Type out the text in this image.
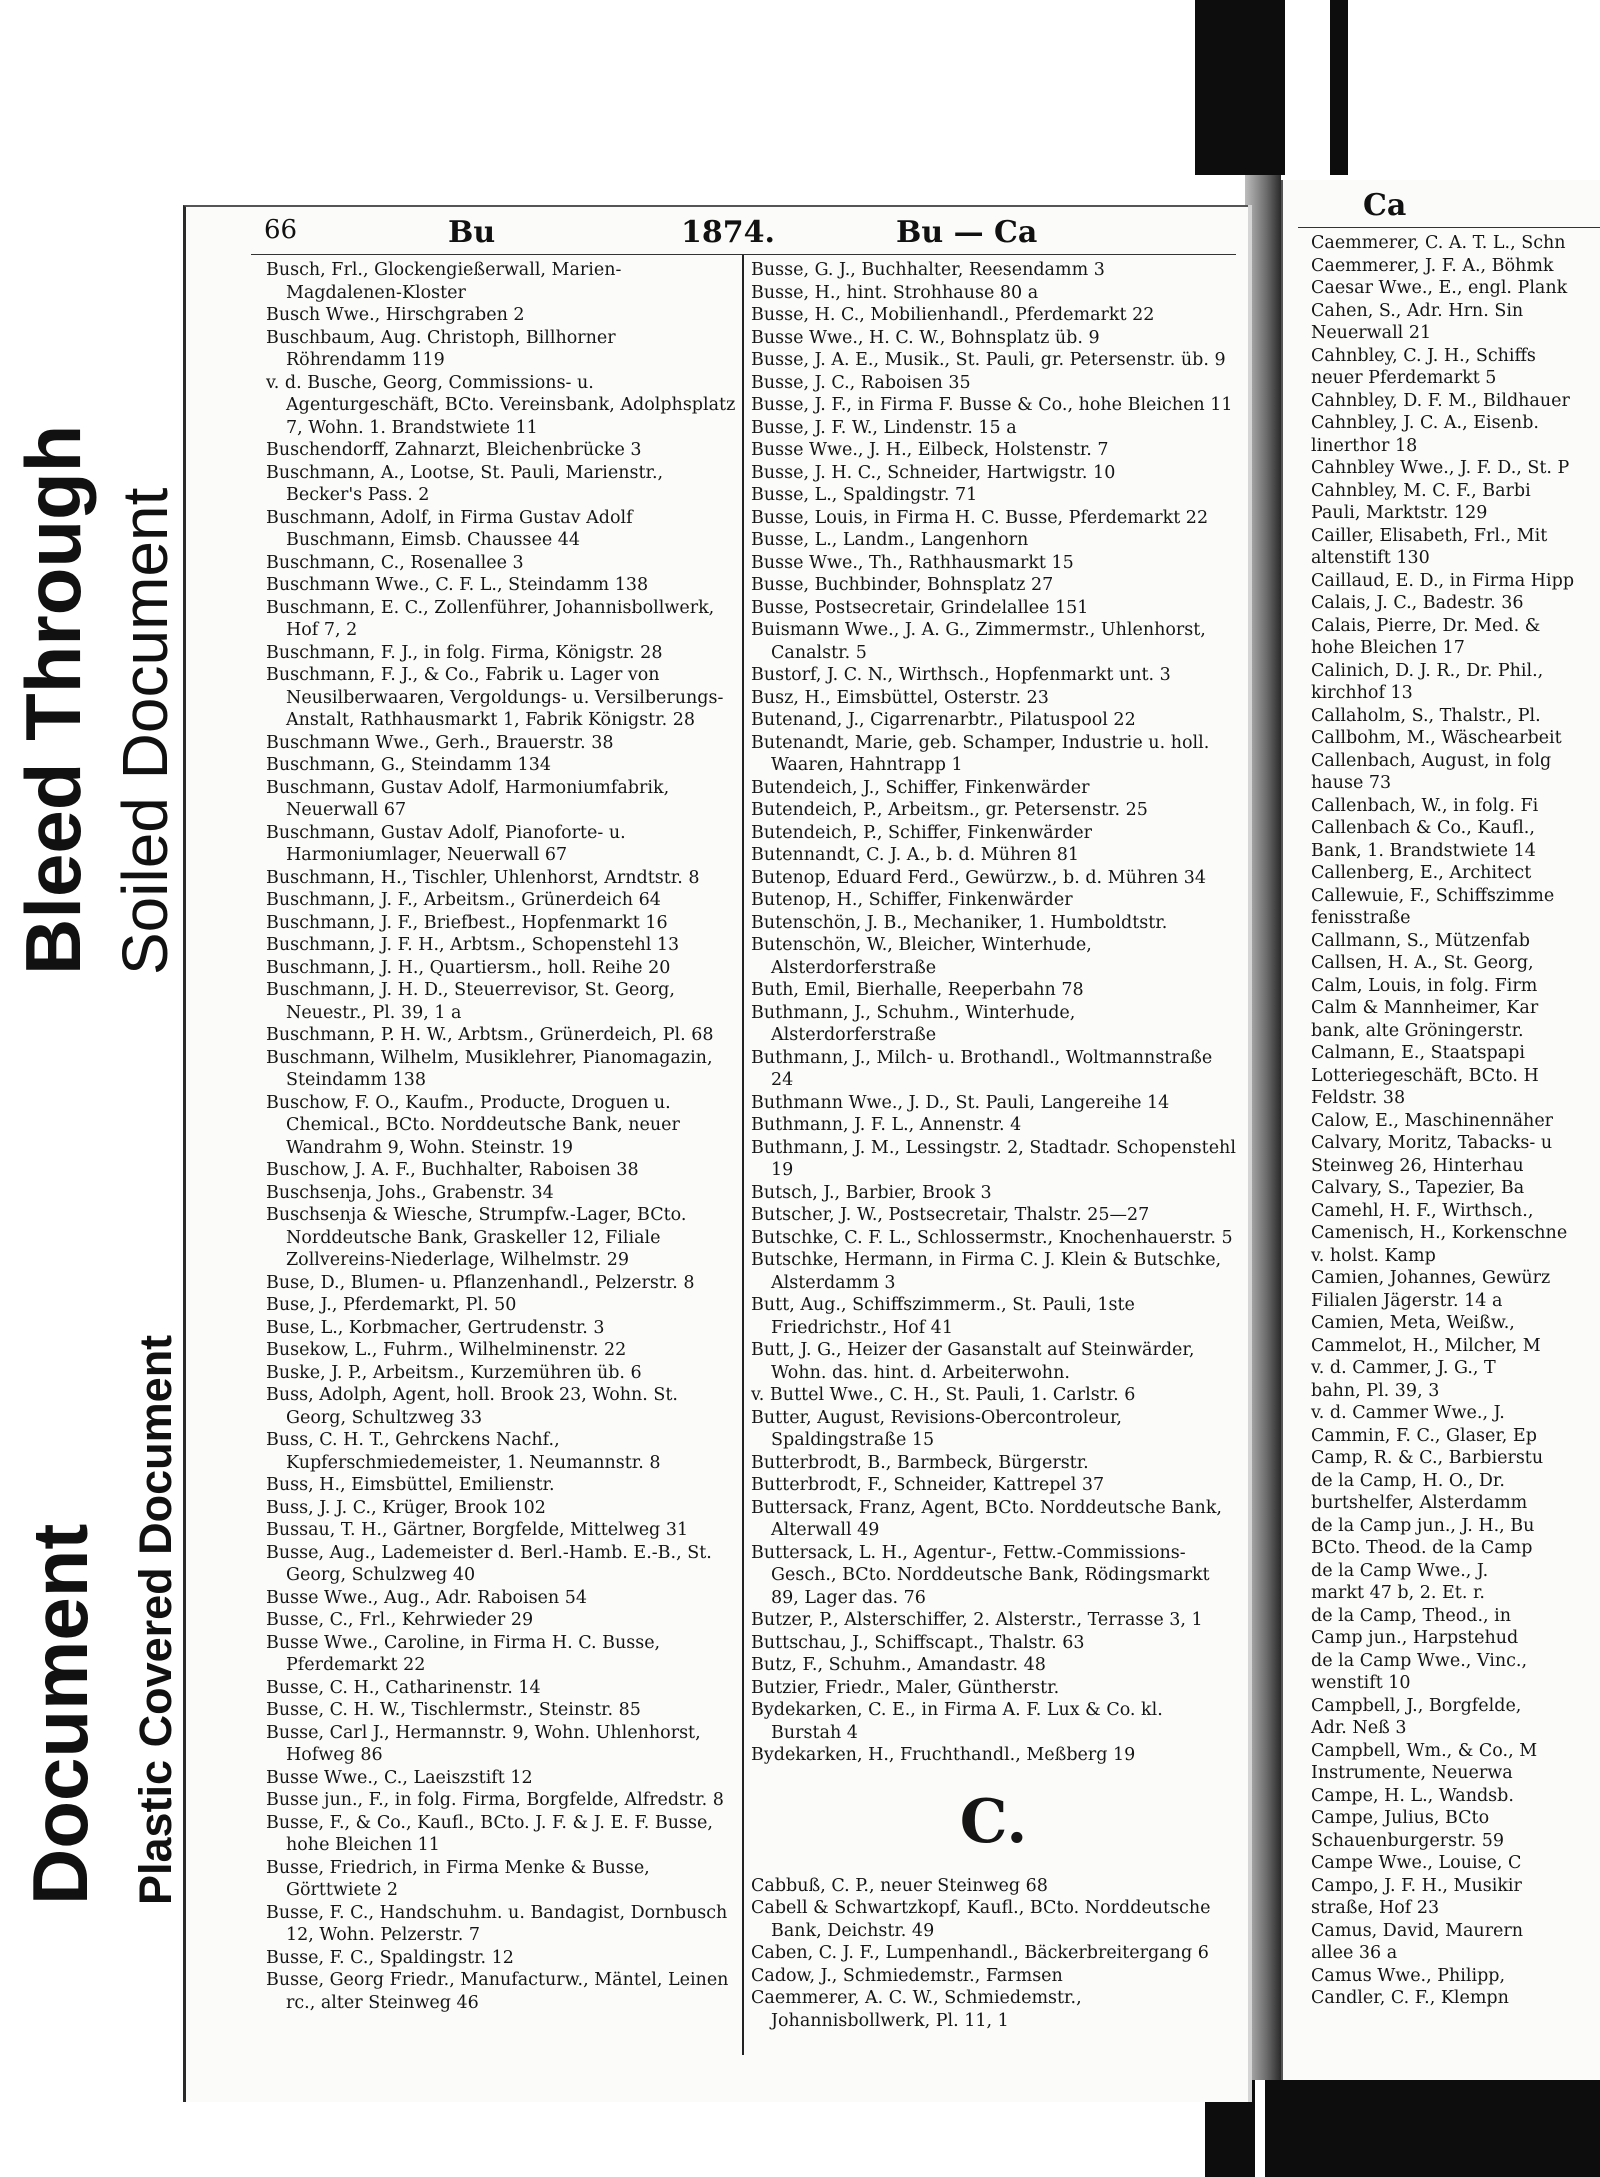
Bleed Through Soiled Document
Document Plastic Covered Document
66	Bu	1874.	Bu — Ca

Busch, Frl., Glockengießerwall, Marien-Magdalenen-Kloster

Busch Wwe., Hirschgraben 2

Buschbaum, Aug. Christoph, Billhorner Röhrendamm 119

v. d. Busche, Georg, Commissions- u. Agenturgeschäft, BCto. Vereinsbank, Adolphsplatz 7, Wohn. 1. Brandstwiete 11

Buschendorff, Zahnarzt, Bleichenbrücke 3

Buschmann, A., Lootse, St. Pauli, Marienstr., Becker's Pass. 2

Buschmann, Adolf, in Firma Gustav Adolf Buschmann, Eimsb. Chaussee 44

Buschmann, C., Rosenallee 3

Buschmann Wwe., C. F. L., Steindamm 138

Buschmann, E. C., Zollenführer, Johannisbollwerk, Hof 7, 2

Buschmann, F. J., in folg. Firma, Königstr. 28

Buschmann, F. J., & Co., Fabrik u. Lager von Neusilberwaaren, Vergoldungs- u. Versilberungs-Anstalt, Rathhausmarkt 1, Fabrik Königstr. 28

Buschmann Wwe., Gerh., Brauerstr. 38

Buschmann, G., Steindamm 134

Buschmann, Gustav Adolf, Harmoniumfabrik, Neuerwall 67

Buschmann, Gustav Adolf, Pianoforte- u. Harmoniumlager, Neuerwall 67

Buschmann, H., Tischler, Uhlenhorst, Arndtstr. 8

Buschmann, J. F., Arbeitsm., Grünerdeich 64

Buschmann, J. F., Briefbest., Hopfenmarkt 16

Buschmann, J. F. H., Arbtsm., Schopenstehl 13

Buschmann, J. H., Quartiersm., holl. Reihe 20

Buschmann, J. H. D., Steuerrevisor, St. Georg, Neuestr., Pl. 39, 1 a

Buschmann, P. H. W., Arbtsm., Grünerdeich, Pl. 68

Buschmann, Wilhelm, Musiklehrer, Pianomagazin, Steindamm 138

Buschow, F. O., Kaufm., Producte, Droguen u. Chemical., BCto. Norddeutsche Bank, neuer Wandrahm 9, Wohn. Steinstr. 19

Buschow, J. A. F., Buchhalter, Raboisen 38

Buschsenja, Johs., Grabenstr. 34

Buschsenja & Wiesche, Strumpfw.-Lager, BCto. Norddeutsche Bank, Graskeller 12, Filiale Zollvereins-Niederlage, Wilhelmstr. 29

Buse, D., Blumen- u. Pflanzenhandl., Pelzerstr. 8

Buse, J., Pferdemarkt, Pl. 50

Buse, L., Korbmacher, Gertrudenstr. 3

Busekow, L., Fuhrm., Wilhelminenstr. 22

Buske, J. P., Arbeitsm., Kurzemühren üb. 6

Buss, Adolph, Agent, holl. Brook 23, Wohn. St. Georg, Schultzweg 33

Buss, C. H. T., Gehrckens Nachf., Kupferschmiedemeister, 1. Neumannstr. 8

Buss, H., Eimsbüttel, Emilienstr.

Buss, J. J. C., Krüger, Brook 102

Bussau, T. H., Gärtner, Borgfelde, Mittelweg 31

Busse, Aug., Lademeister d. Berl.-Hamb. E.-B., St. Georg, Schulzweg 40

Busse Wwe., Aug., Adr. Raboisen 54

Busse, C., Frl., Kehrwieder 29

Busse Wwe., Caroline, in Firma H. C. Busse, Pferdemarkt 22

Busse, C. H., Catharinenstr. 14

Busse, C. H. W., Tischlermstr., Steinstr. 85

Busse, Carl J., Hermannstr. 9, Wohn. Uhlenhorst, Hofweg 86

Busse Wwe., C., Laeiszstift 12

Busse jun., F., in folg. Firma, Borgfelde, Alfredstr. 8

Busse, F., & Co., Kaufl., BCto. J. F. & J. E. F. Busse, hohe Bleichen 11

Busse, Friedrich, in Firma Menke & Busse, Görttwiete 2

Busse, F. C., Handschuhm. u. Bandagist, Dornbusch 12, Wohn. Pelzerstr. 7

Busse, F. C., Spaldingstr. 12

Busse, Georg Friedr., Manufacturw., Mäntel, Leinen rc., alter Steinweg 46

Busse, G. J., Buchhalter, Reesendamm 3

Busse, H., hint. Strohhause 80 a

Busse, H. C., Mobilienhandl., Pferdemarkt 22

Busse Wwe., H. C. W., Bohnsplatz üb. 9

Busse, J. A. E., Musik., St. Pauli, gr. Petersenstr. üb. 9

Busse, J. C., Raboisen 35

Busse, J. F., in Firma F. Busse & Co., hohe Bleichen 11

Busse, J. F. W., Lindenstr. 15 a

Busse Wwe., J. H., Eilbeck, Holstenstr. 7

Busse, J. H. C., Schneider, Hartwigstr. 10

Busse, L., Spaldingstr. 71

Busse, Louis, in Firma H. C. Busse, Pferdemarkt 22

Busse, L., Landm., Langenhorn

Busse Wwe., Th., Rathhausmarkt 15

Busse, Buchbinder, Bohnsplatz 27

Busse, Postsecretair, Grindelallee 151

Buismann Wwe., J. A. G., Zimmermstr., Uhlenhorst, Canalstr. 5

Bustorf, J. C. N., Wirthsch., Hopfenmarkt unt. 3

Busz, H., Eimsbüttel, Osterstr. 23

Butenand, J., Cigarrenarbtr., Pilatuspool 22

Butenandt, Marie, geb. Schamper, Industrie u. holl. Waaren, Hahntrapp 1

Butendeich, J., Schiffer, Finkenwärder

Butendeich, P., Arbeitsm., gr. Petersenstr. 25

Butendeich, P., Schiffer, Finkenwärder

Butennandt, C. J. A., b. d. Mühren 81

Butenop, Eduard Ferd., Gewürzw., b. d. Mühren 34

Butenop, H., Schiffer, Finkenwärder

Butenschön, J. B., Mechaniker, 1. Humboldtstr.

Butenschön, W., Bleicher, Winterhude, Alsterdorferstraße

Buth, Emil, Bierhalle, Reeperbahn 78

Buthmann, J., Schuhm., Winterhude, Alsterdorferstraße

Buthmann, J., Milch- u. Brothandl., Woltmannstraße 24

Buthmann Wwe., J. D., St. Pauli, Langereihe 14

Buthmann, J. F. L., Annenstr. 4

Buthmann, J. M., Lessingstr. 2, Stadtadr. Schopenstehl 19

Butsch, J., Barbier, Brook 3

Butscher, J. W., Postsecretair, Thalstr. 25—27

Butschke, C. F. L., Schlossermstr., Knochenhauerstr. 5

Butschke, Hermann, in Firma C. J. Klein & Butschke, Alsterdamm 3

Butt, Aug., Schiffszimmerm., St. Pauli, 1ste Friedrichstr., Hof 41

Butt, J. G., Heizer der Gasanstalt auf Steinwärder, Wohn. das. hint. d. Arbeiterwohn.

v. Buttel Wwe., C. H., St. Pauli, 1. Carlstr. 6

Butter, August, Revisions-Obercontroleur, Spaldingstraße 15

Butterbrodt, B., Barmbeck, Bürgerstr.

Butterbrodt, F., Schneider, Kattrepel 37

Buttersack, Franz, Agent, BCto. Norddeutsche Bank, Alterwall 49

Buttersack, L. H., Agentur-, Fettw.-Commissions-Gesch., BCto. Norddeutsche Bank, Rödingsmarkt 89, Lager das. 76

Butzer, P., Alsterschiffer, 2. Alsterstr., Terrasse 3, 1

Buttschau, J., Schiffscapt., Thalstr. 63

Butz, F., Schuhm., Amandastr. 48

Butzier, Friedr., Maler, Güntherstr.

Bydekarken, C. E., in Firma A. F. Lux & Co. kl. Burstah 4

Bydekarken, H., Fruchthandl., Meßberg 19

C.

Cabbuß, C. P., neuer Steinweg 68

Cabell & Schwartzkopf, Kaufl., BCto. Norddeutsche Bank, Deichstr. 49

Caben, C. J. F., Lumpenhandl., Bäckerbreitergang 6

Cadow, J., Schmiedemstr., Farmsen

Caemmerer, A. C. W., Schmiedemstr., Johannisbollwerk, Pl. 11, 1

Ca

Caemmerer, C. A. T. L., Schn

Caemmerer, J. F. A., Böhmk

Caesar Wwe., E., engl. Plank

Cahen, S., Adr. Hrn. Sin

Neuerwall 21

Cahnbley, C. J. H., Schiffs

neuer Pferdemarkt 5

Cahnbley, D. F. M., Bildhauer

Cahnbley, J. C. A., Eisenb.

linerthor 18

Cahnbley Wwe., J. F. D., St. P

Cahnbley, M. C. F., Barbi

Pauli, Marktstr. 129

Cailler, Elisabeth, Frl., Mit

altenstift 130

Caillaud, E. D., in Firma Hipp

Calais, J. C., Badestr. 36

Calais, Pierre, Dr. Med. &

hohe Bleichen 17

Calinich, D. J. R., Dr. Phil.,

kirchhof 13

Callaholm, S., Thalstr., Pl.

Callbohm, M., Wäschearbeit

Callenbach, August, in folg

hause 73

Callenbach, W., in folg. Fi

Callenbach & Co., Kaufl.,

Bank, 1. Brandstwiete 14

Callenberg, E., Architect

Callewuie, F., Schiffszimme

fenisstraße

Callmann, S., Mützenfab

Callsen, H. A., St. Georg,

Calm, Louis, in folg. Firm

Calm & Mannheimer, Kar

bank, alte Gröningerstr.

Calmann, E., Staatspapi

Lotteriegeschäft, BCto. H

Feldstr. 38

Calow, E., Maschinennäher

Calvary, Moritz, Tabacks- u

Steinweg 26, Hinterhau

Calvary, S., Tapezier, Ba

Camehl, H. F., Wirthsch.,

Camenisch, H., Korkenschne

v. holst. Kamp

Camien, Johannes, Gewürz

Filialen Jägerstr. 14 a

Camien, Meta, Weißw.,

Cammelot, H., Milcher, M

v. d. Cammer, J. G., T

bahn, Pl. 39, 3

v. d. Cammer Wwe., J.

Cammin, F. C., Glaser, Ep

Camp, R. & C., Barbierstu

de la Camp, H. O., Dr.

burtshelfer, Alsterdamm

de la Camp jun., J. H., Bu

BCto. Theod. de la Camp

de la Camp Wwe., J.

markt 47 b, 2. Et. r.

de la Camp, Theod., in

Camp jun., Harpstehud

de la Camp Wwe., Vinc.,

wenstift 10

Campbell, J., Borgfelde,

Adr. Neß 3

Campbell, Wm., & Co., M

Instrumente, Neuerwa

Campe, H. L., Wandsb.

Campe, Julius, BCto

Schauenburgerstr. 59

Campe Wwe., Louise, C

Campo, J. F. H., Musikir

straße, Hof 23

Camus, David, Maurern

allee 36 a

Camus Wwe., Philipp,

Candler, C. F., Klempn
